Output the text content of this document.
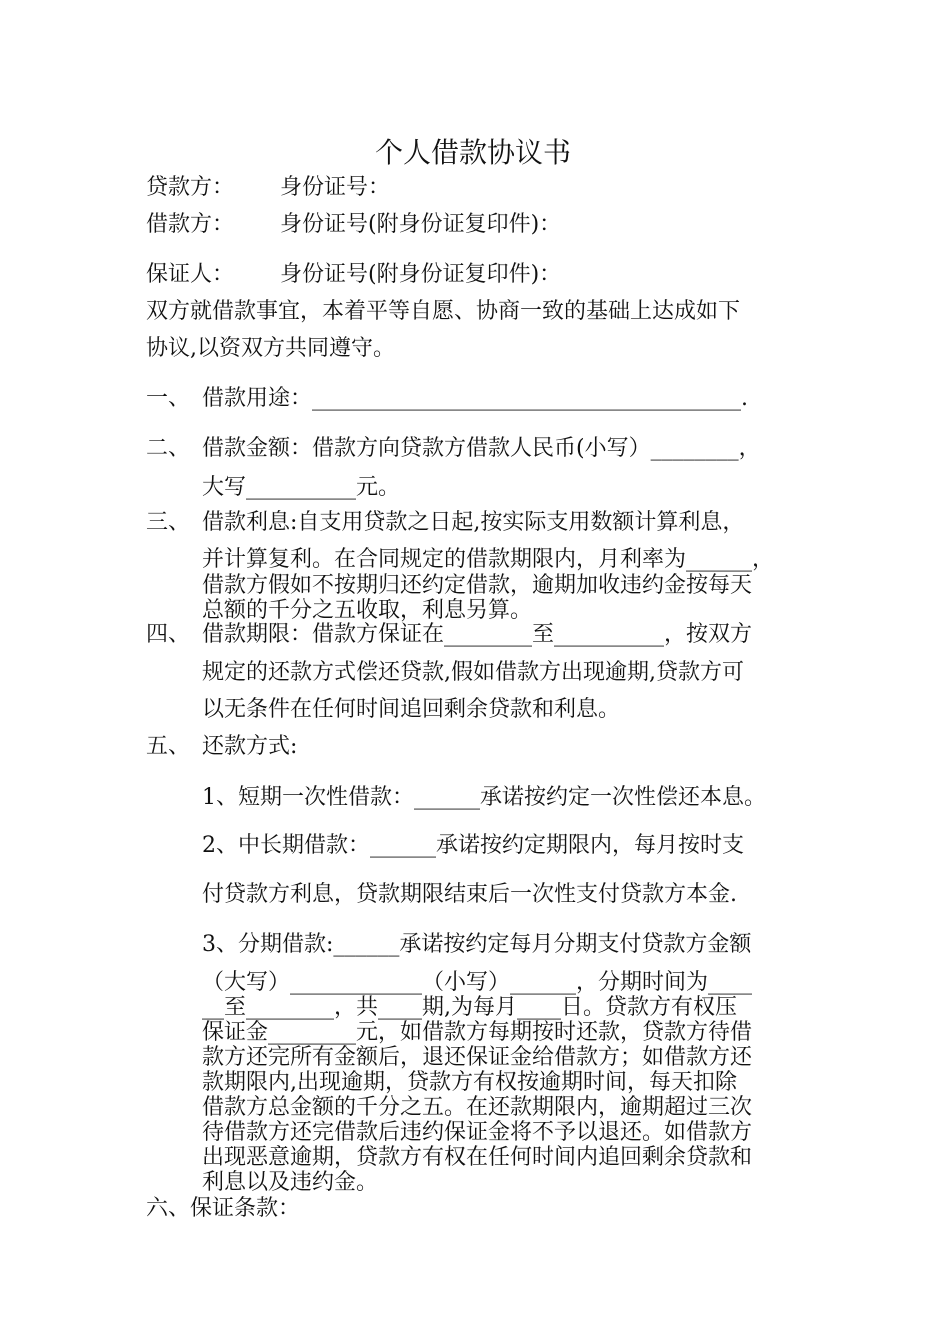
个人借款协议书
贷款方： 身份证号：
借款方： 身份证号(附身份证复印件)：
保证人： 身份证号(附身份证复印件)：
双方就借款事宜，本着平等自愿、协商一致的基础上达成如下
协议,以资双方共同遵守。
一、 借款用途：_______________________________________.
二、 借款金额：借款方向贷款方借款人民币(小写）________，
大写__________元。
三、 借款利息:自支用贷款之日起,按实际支用数额计算利息，
并计算复利。在合同规定的借款期限内，月利率为______，
借款方假如不按期归还约定借款，逾期加收违约金按每天
总额的千分之五收取，利息另算。
四、 借款期限：借款方保证在________至__________，按双方
规定的还款方式偿还贷款,假如借款方出现逾期,贷款方可
以无条件在任何时间追回剩余贷款和利息。
五、 还款方式:
1、短期一次性借款：______承诺按约定一次性偿还本息。
2、中长期借款：______承诺按约定期限内，每月按时支
付贷款方利息，贷款期限结束后一次性支付贷款方本金.
3、分期借款:______承诺按约定每月分期支付贷款方金额
（大写）____________（小写）______，分期时间为____
__至________，共____期,为每月____日。贷款方有权压
保证金________元，如借款方每期按时还款，贷款方待借
款方还完所有金额后，退还保证金给借款方；如借款方还
款期限内,出现逾期，贷款方有权按逾期时间，每天扣除
借款方总金额的千分之五。在还款期限内，逾期超过三次
待借款方还完借款后违约保证金将不予以退还。如借款方
出现恶意逾期，贷款方有权在任何时间内追回剩余贷款和
利息以及违约金。
六、保证条款：
